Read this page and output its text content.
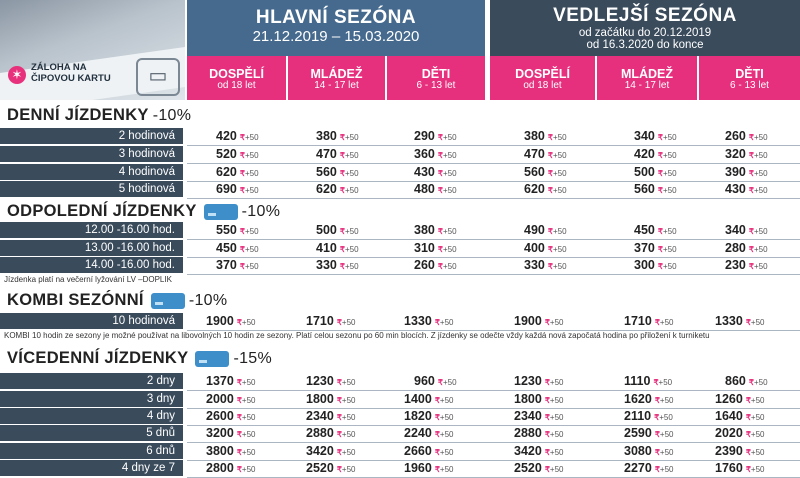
✶ ZÁLOHA NA ČIPOVOU KARTU	▭
HLAVNÍ SEZÓNA
21.12.2019 – 15.03.2020
VEDLEJŠÍ SEZÓNA
od začátku do 20.12.2019
od 16.3.2020 do konce
DOSPĚLÍ
od 18 let
MLÁDEŽ
14 - 17 let
DĚTI
6 - 13 let
DOSPĚLÍ
od 18 let
MLÁDEŽ
14 - 17 let
DĚTI
6 - 13 let
DENNÍ JÍZDENKY -10%
2 hodinová	420 ₹+50	380 ₹+50	290 ₹+50	380 ₹+50	340 ₹+50	260 ₹+50
3 hodinová	520 ₹+50	470 ₹+50	360 ₹+50	470 ₹+50	420 ₹+50	320 ₹+50
4 hodinová	620 ₹+50	560 ₹+50	430 ₹+50	560 ₹+50	500 ₹+50	390 ₹+50
5 hodinová	690 ₹+50	620 ₹+50	480 ₹+50	620 ₹+50	560 ₹+50	430 ₹+50
ODPOLEDNÍ JÍZDENKY	-10%
12.00 -16.00 hod.	550 ₹+50	500 ₹+50	380 ₹+50	490 ₹+50	450 ₹+50	340 ₹+50
13.00 -16.00 hod.	450 ₹+50	410 ₹+50	310 ₹+50	400 ₹+50	370 ₹+50	280 ₹+50
14.00 -16.00 hod.	370 ₹+50	330 ₹+50	260 ₹+50	330 ₹+50	300 ₹+50	230 ₹+50
Jízdenka platí na večerní lyžování LV –DOPLIK
KOMBI SEZÓNNÍ	-10%
10 hodinová	1900 ₹+50	1710 ₹+50	1330 ₹+50	1900 ₹+50	1710 ₹+50	1330 ₹+50
KOMBI 10 hodin ze sezony je možné používat na libovolných 10 hodin ze sezony. Platí celou sezonu po 60 min blocích. Z jízdenky se odečte vždy každá nová započatá hodina po přiložení k turniketu
VÍCEDENNÍ JÍZDENKY	-15%
2 dny	1370 ₹+50	1230 ₹+50	960 ₹+50	1230 ₹+50	1110 ₹+50	860 ₹+50
3 dny	2000 ₹+50	1800 ₹+50	1400 ₹+50	1800 ₹+50	1620 ₹+50	1260 ₹+50
4 dny	2600 ₹+50	2340 ₹+50	1820 ₹+50	2340 ₹+50	2110 ₹+50	1640 ₹+50
5 dnů	3200 ₹+50	2880 ₹+50	2240 ₹+50	2880 ₹+50	2590 ₹+50	2020 ₹+50
6 dnů	3800 ₹+50	3420 ₹+50	2660 ₹+50	3420 ₹+50	3080 ₹+50	2390 ₹+50
4 dny ze 7	2800 ₹+50	2520 ₹+50	1960 ₹+50	2520 ₹+50	2270 ₹+50	1760 ₹+50
